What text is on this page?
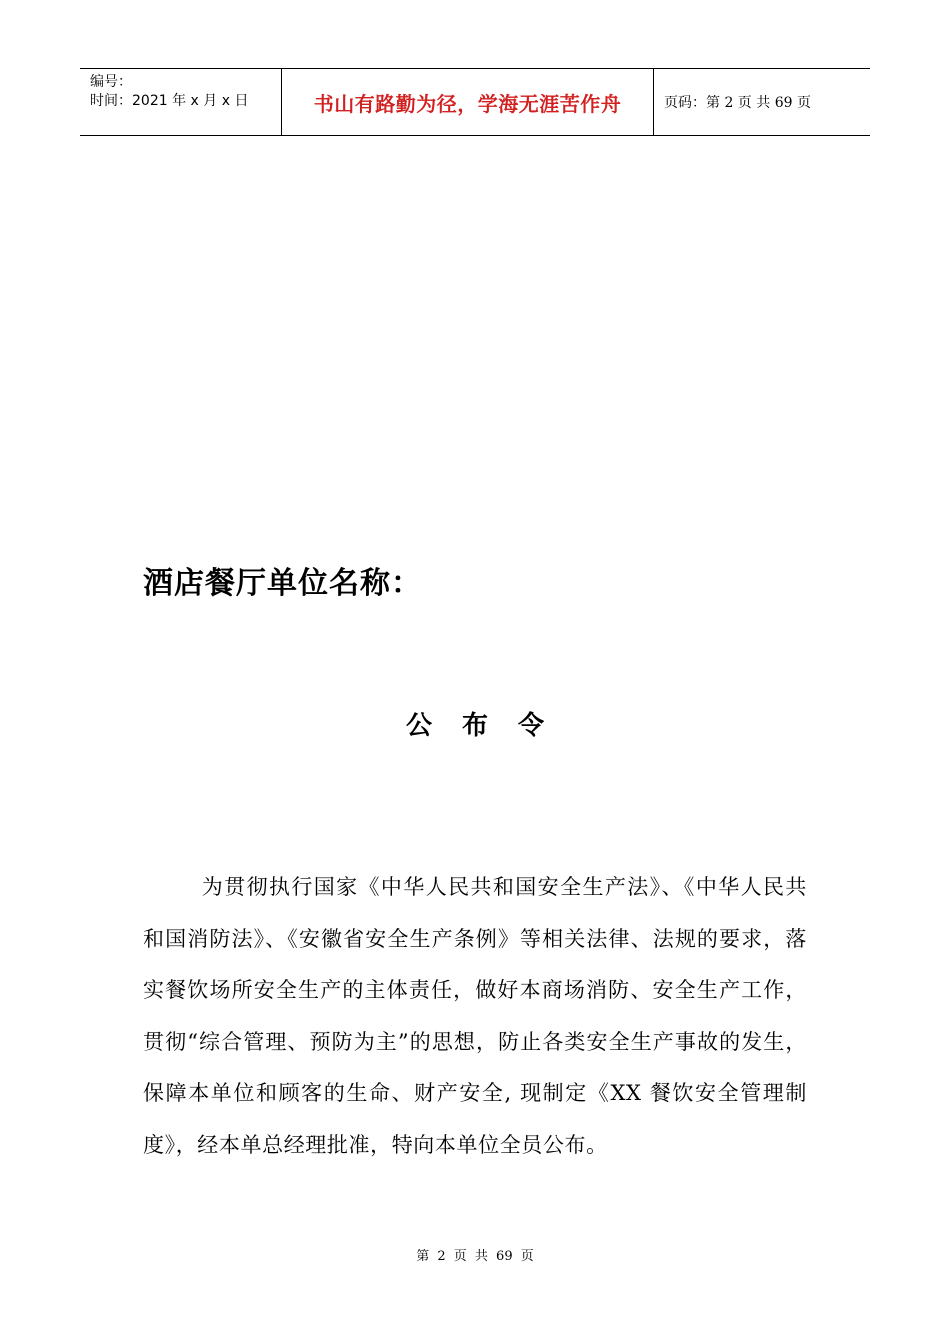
编号：
时间：2021 年 x 月 x 日	书山有路勤为径，学海无涯苦作舟	页码：第 2 页 共 69 页
酒店餐厅单位名称：
公布令
为贯彻执行国家《中华人民共和国安全生产法》、《中华人民共和国消防法》、《安徽省安全生产条例》等相关法律、法规的要求，落实餐饮场所安全生产的主体责任，做好本商场消防、安全生产工作，贯彻“综合管理、预防为主”的思想，防止各类安全生产事故的发生，保障本单位和顾客的生命、财产安全, 现制定《XX 餐饮安全管理制度》，经本单总经理批准，特向本单位全员公布。
第 2 页 共 69 页
